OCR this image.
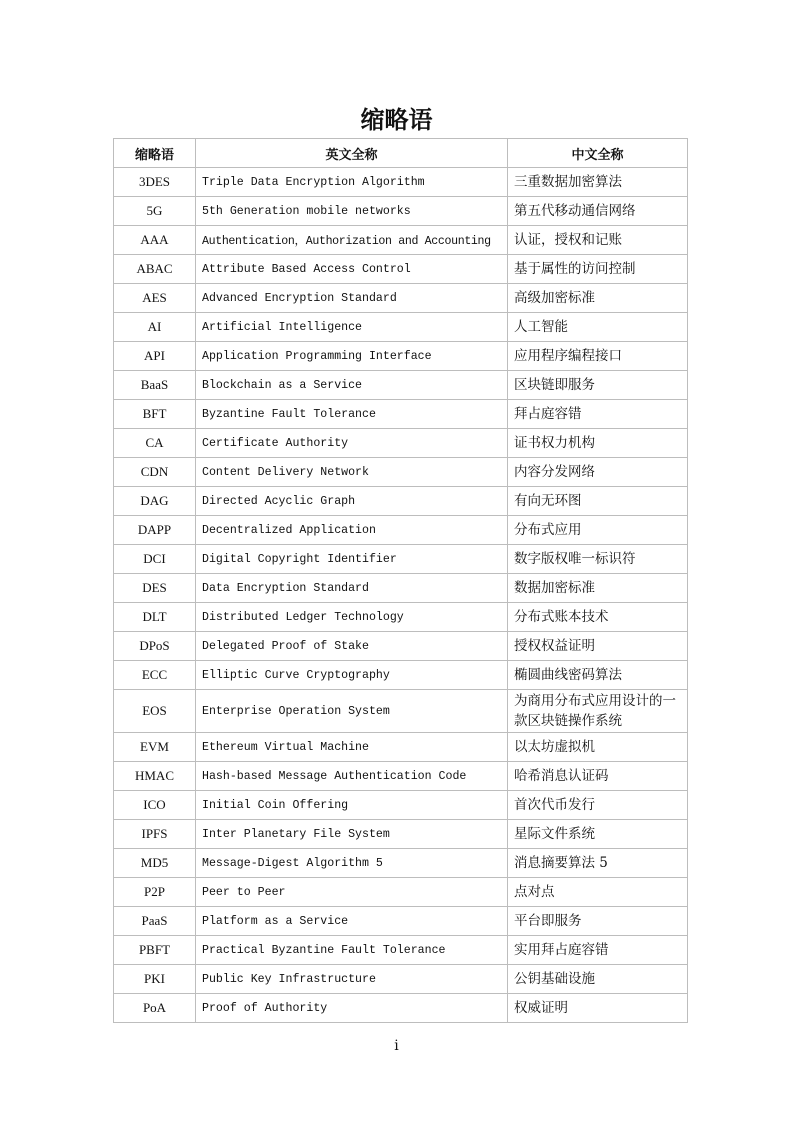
缩略语
缩略语	英文全称	中文全称
3DES	Triple Data Encryption Algorithm	三重数据加密算法
5G	5th Generation mobile networks	第五代移动通信网络
AAA	Authentication，Authorization and Accounting	认证，授权和记账
ABAC	Attribute Based Access Control	基于属性的访问控制
AES	Advanced Encryption Standard	高级加密标准
AI	Artificial Intelligence	人工智能
API	Application Programming Interface	应用程序编程接口
BaaS	Blockchain as a Service	区块链即服务
BFT	Byzantine Fault Tolerance	拜占庭容错
CA	Certificate Authority	证书权力机构
CDN	Content Delivery Network	内容分发网络
DAG	Directed Acyclic Graph	有向无环图
DAPP	Decentralized Application	分布式应用
DCI	Digital Copyright Identifier	数字版权唯一标识符
DES	Data Encryption Standard	数据加密标准
DLT	Distributed Ledger Technology	分布式账本技术
DPoS	Delegated Proof of Stake	授权权益证明
ECC	Elliptic Curve Cryptography	椭圆曲线密码算法
EOS	Enterprise Operation System	为商用分布式应用设计的一款区块链操作系统
EVM	Ethereum Virtual Machine	以太坊虚拟机
HMAC	Hash-based Message Authentication Code	哈希消息认证码
ICO	Initial Coin Offering	首次代币发行
IPFS	Inter Planetary File System	星际文件系统
MD5	Message-Digest Algorithm 5	消息摘要算法 5
P2P	Peer to Peer	点对点
PaaS	Platform as a Service	平台即服务
PBFT	Practical Byzantine Fault Tolerance	实用拜占庭容错
PKI	Public Key Infrastructure	公钥基础设施
PoA	Proof of Authority	权威证明
i
